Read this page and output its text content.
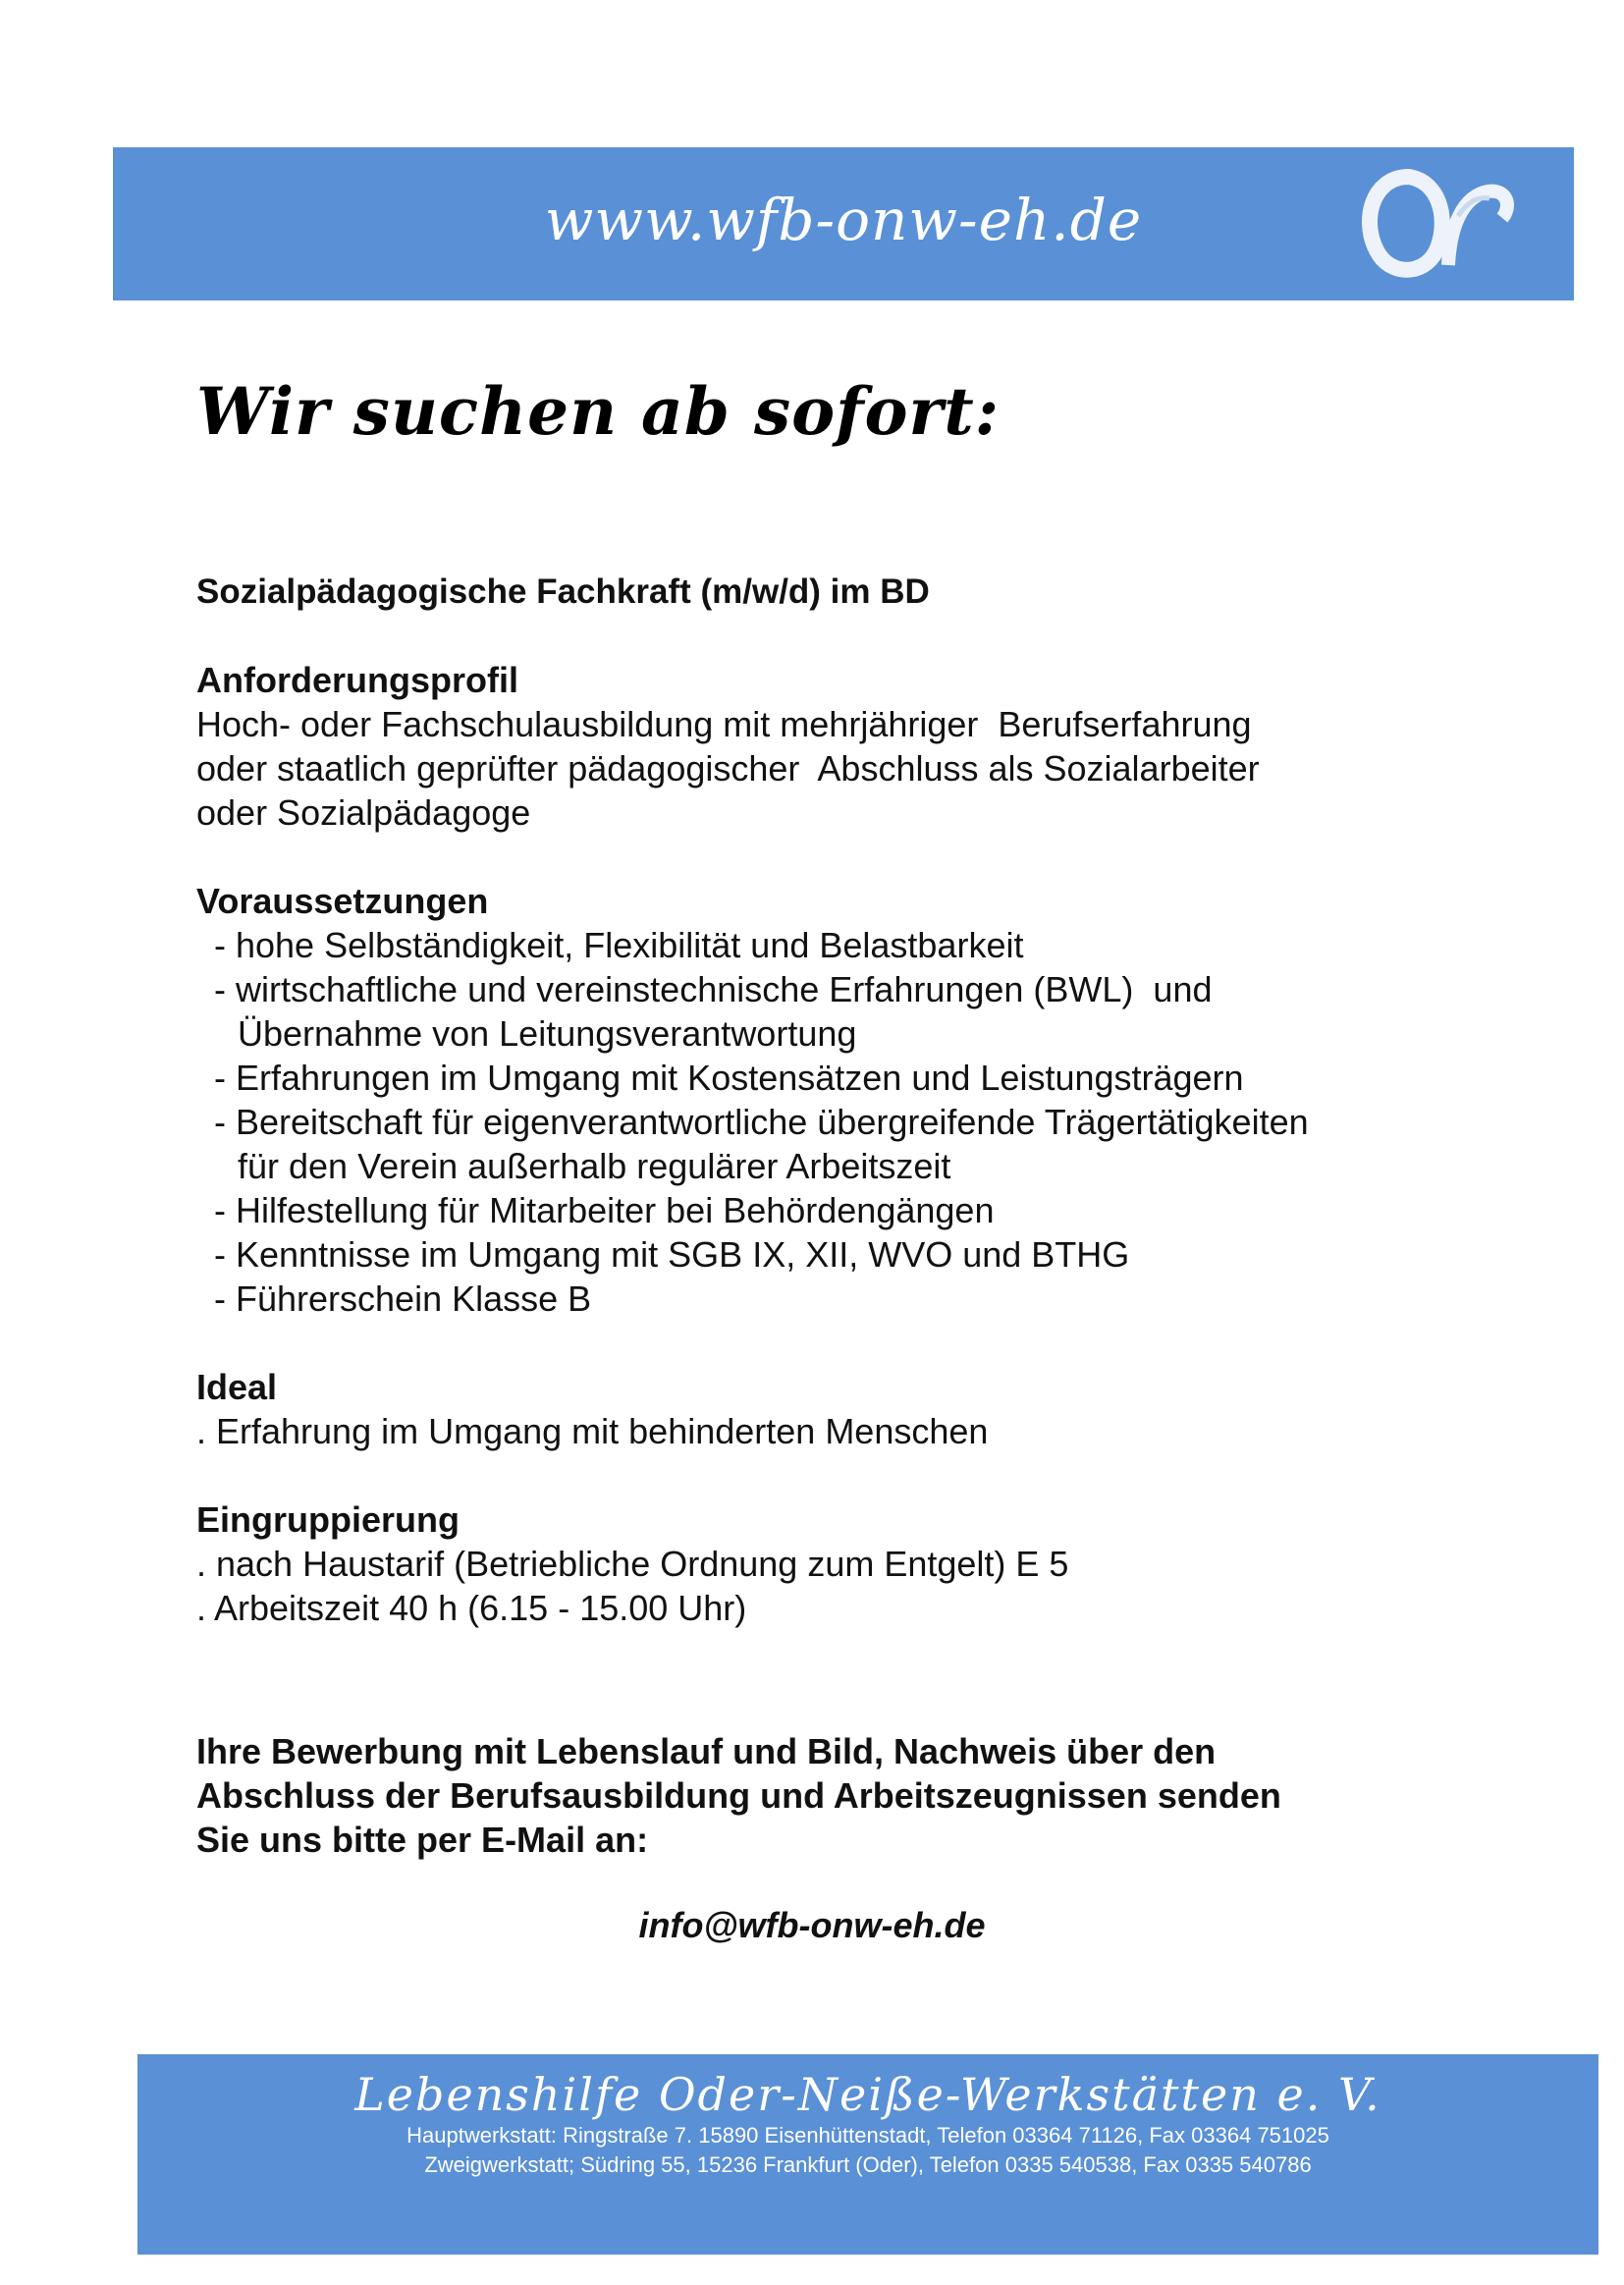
www.wfb-onw-eh.de
Wir suchen ab sofort:
Sozialpädagogische Fachkraft (m/w/d) im BD
Anforderungsprofil
Hoch- oder Fachschulausbildung mit mehrjähriger  Berufserfahrung
oder staatlich geprüfter pädagogischer  Abschluss als Sozialarbeiter
oder Sozialpädagoge
Voraussetzungen
- hohe Selbständigkeit, Flexibilität und Belastbarkeit
- wirtschaftliche und vereinstechnische Erfahrungen (BWL)  und
Übernahme von Leitungsverantwortung
- Erfahrungen im Umgang mit Kostensätzen und Leistungsträgern
- Bereitschaft für eigenverantwortliche übergreifende Trägertätigkeiten
für den Verein außerhalb regulärer Arbeitszeit
- Hilfestellung für Mitarbeiter bei Behördengängen
- Kenntnisse im Umgang mit SGB IX, XII, WVO und BTHG
- Führerschein Klasse B
Ideal
. Erfahrung im Umgang mit behinderten Menschen
Eingruppierung
. nach Haustarif (Betriebliche Ordnung zum Entgelt) E 5
. Arbeitszeit 40 h (6.15 - 15.00 Uhr)
Ihre Bewerbung mit Lebenslauf und Bild, Nachweis über den
Abschluss der Berufsausbildung und Arbeitszeugnissen senden
Sie uns bitte per E-Mail an:
info@wfb-onw-eh.de
Lebenshilfe Oder-Neiße-Werkstätten e. V.
Hauptwerkstatt: Ringstraße 7. 15890 Eisenhüttenstadt, Telefon 03364 71126, Fax 03364 751025
Zweigwerkstatt; Südring 55, 15236 Frankfurt (Oder), Telefon 0335 540538, Fax 0335 540786
